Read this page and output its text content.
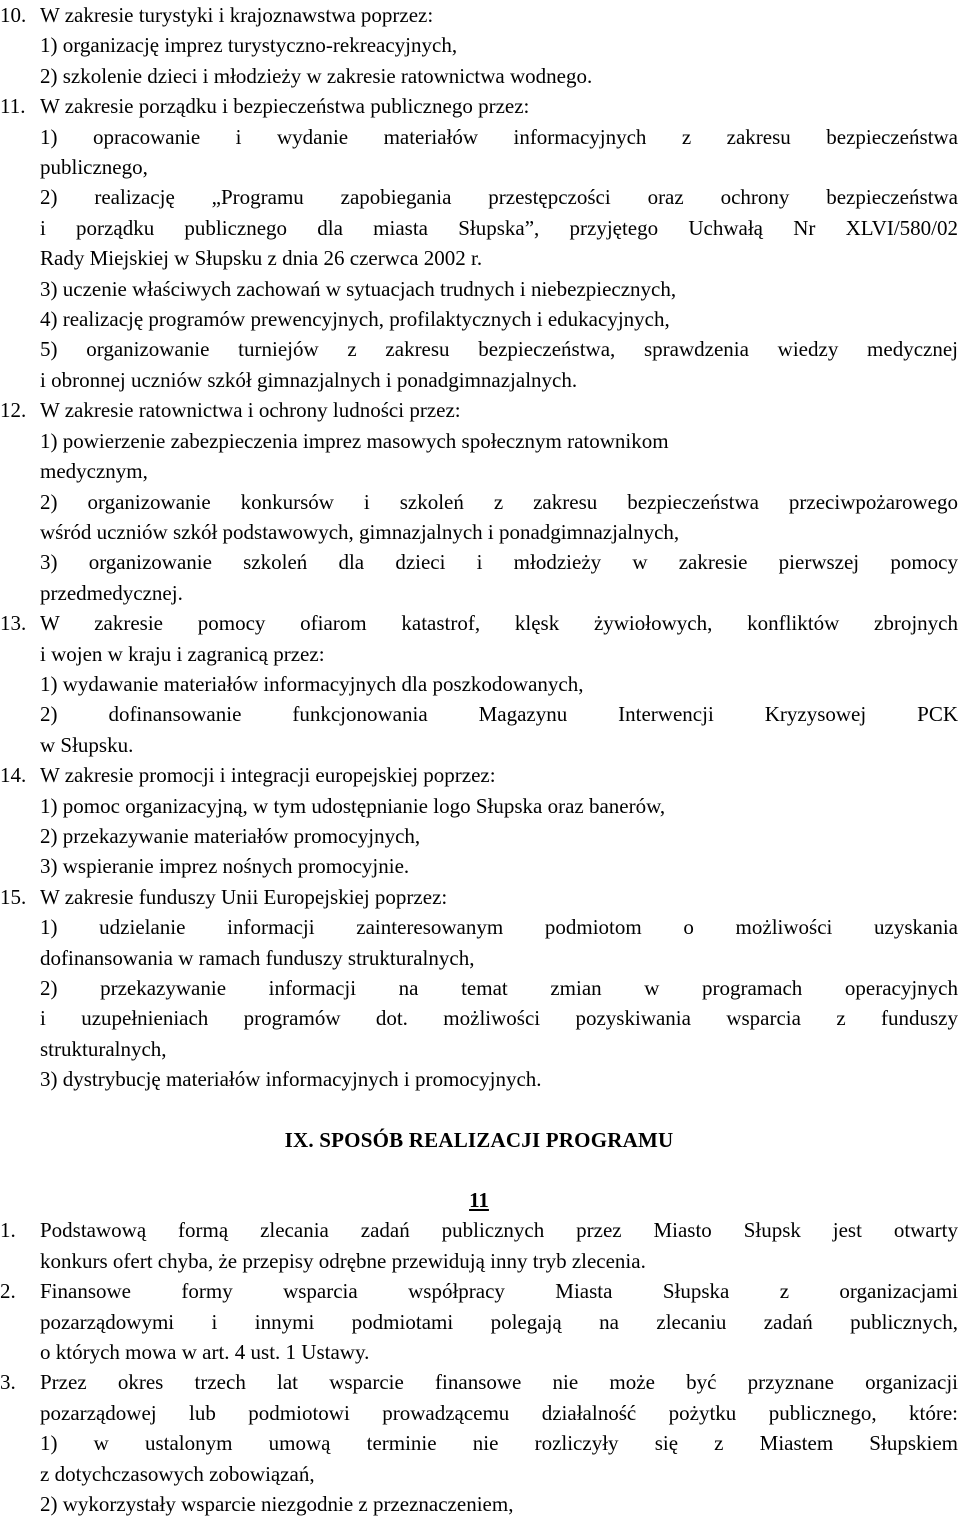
10. W zakresie turystyki i krajoznawstwa poprzez:

1) organizację imprez turystyczno-rekreacyjnych,

2) szkolenie dzieci i młodzieży w zakresie ratownictwa wodnego.

11. W zakresie porządku i bezpieczeństwa publicznego przez:

1) opracowanie i wydanie materiałów informacyjnych z zakresu bezpieczeństwa

publicznego,

2) realizację „Programu zapobiegania przestępczości oraz ochrony bezpieczeństwa

i porządku publicznego dla miasta Słupska”, przyjętego Uchwałą Nr XLVI/580/02

Rady Miejskiej w Słupsku z dnia 26 czerwca 2002 r.

3) uczenie właściwych zachowań w sytuacjach trudnych i niebezpiecznych,

4) realizację programów prewencyjnych, profilaktycznych i edukacyjnych,

5) organizowanie turniejów z zakresu bezpieczeństwa, sprawdzenia wiedzy medycznej

i obronnej uczniów szkół gimnazjalnych i ponadgimnazjalnych.

12. W zakresie ratownictwa i ochrony ludności przez:

1) powierzenie zabezpieczenia imprez masowych społecznym ratownikom

medycznym,

2) organizowanie konkursów i szkoleń z zakresu bezpieczeństwa przeciwpożarowego

wśród uczniów szkół podstawowych, gimnazjalnych i ponadgimnazjalnych,

3) organizowanie szkoleń dla dzieci i młodzieży w zakresie pierwszej pomocy

przedmedycznej.

13. W zakresie pomocy ofiarom katastrof, klęsk żywiołowych, konfliktów zbrojnych

i wojen w kraju i zagranicą przez:

1) wydawanie materiałów informacyjnych dla poszkodowanych,

2) dofinansowanie funkcjonowania Magazynu Interwencji Kryzysowej PCK

w Słupsku.

14. W zakresie promocji i integracji europejskiej poprzez:

1) pomoc organizacyjną, w tym udostępnianie logo Słupska oraz banerów,

2) przekazywanie materiałów promocyjnych,

3) wspieranie imprez nośnych promocyjnie.

15. W zakresie funduszy Unii Europejskiej poprzez:

1) udzielanie informacji zainteresowanym podmiotom o możliwości uzyskania

dofinansowania w ramach funduszy strukturalnych,

2) przekazywanie informacji na temat zmian w programach operacyjnych

i uzupełnieniach programów dot. możliwości pozyskiwania wsparcia z funduszy

strukturalnych,

3) dystrybucję materiałów informacyjnych i promocyjnych.

IX. SPOSÓB REALIZACJI PROGRAMU

11

1. Podstawową formą zlecania zadań publicznych przez Miasto Słupsk jest otwarty

konkurs ofert chyba, że przepisy odrębne przewidują inny tryb zlecenia.

2. Finansowe formy wsparcia współpracy Miasta Słupska z organizacjami

pozarządowymi i innymi podmiotami polegają na zlecaniu zadań publicznych,

o których mowa w art. 4 ust. 1 Ustawy.

3. Przez okres trzech lat wsparcie finansowe nie może być przyznane organizacji

pozarządowej lub podmiotowi prowadzącemu działalność pożytku publicznego, które:

1) w ustalonym umową terminie nie rozliczyły się z Miastem Słupskiem

z dotychczasowych zobowiązań,

2) wykorzystały wsparcie niezgodnie z przeznaczeniem,
